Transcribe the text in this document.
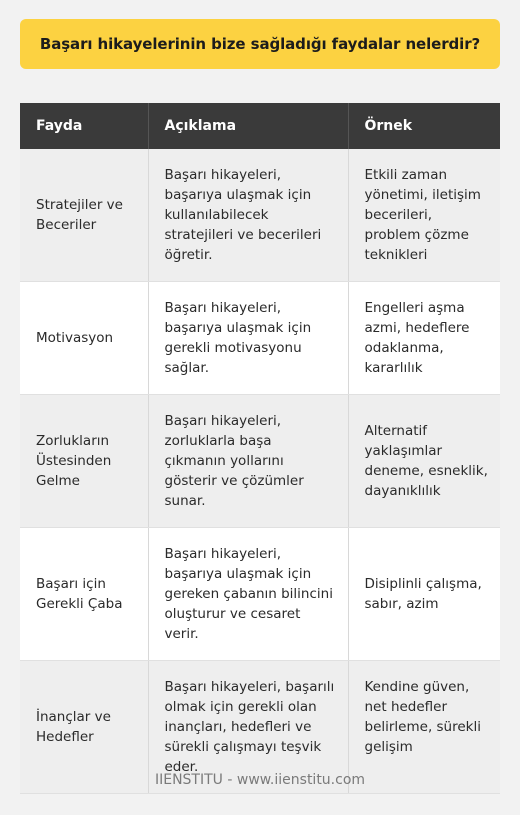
Başarı hikayelerinin bize sağladığı faydalar nelerdir?
Fayda	Açıklama	Örnek
Stratejiler ve Beceriler	Başarı hikayeleri, başarıya ulaşmak için kullanılabilecek stratejileri ve becerileri öğretir.	Etkili zaman yönetimi, iletişim becerileri, problem çözme teknikleri
Motivasyon	Başarı hikayeleri, başarıya ulaşmak için gerekli motivasyonu sağlar.	Engelleri aşma azmi, hedeflere odaklanma, kararlılık
Zorlukların Üstesinden Gelme	Başarı hikayeleri, zorluklarla başa çıkmanın yollarını gösterir ve çözümler sunar.	Alternatif yaklaşımlar deneme, esneklik, dayanıklılık
Başarı için Gerekli Çaba	Başarı hikayeleri, başarıya ulaşmak için gereken çabanın bilincini oluşturur ve cesaret verir.	Disiplinli çalışma, sabır, azim
İnançlar ve Hedefler	Başarı hikayeleri, başarılı olmak için gerekli olan inançları, hedefleri ve sürekli çalışmayı teşvik eder.	Kendine güven, net hedefler belirleme, sürekli gelişim
IIENSTITU - www.iienstitu.com
